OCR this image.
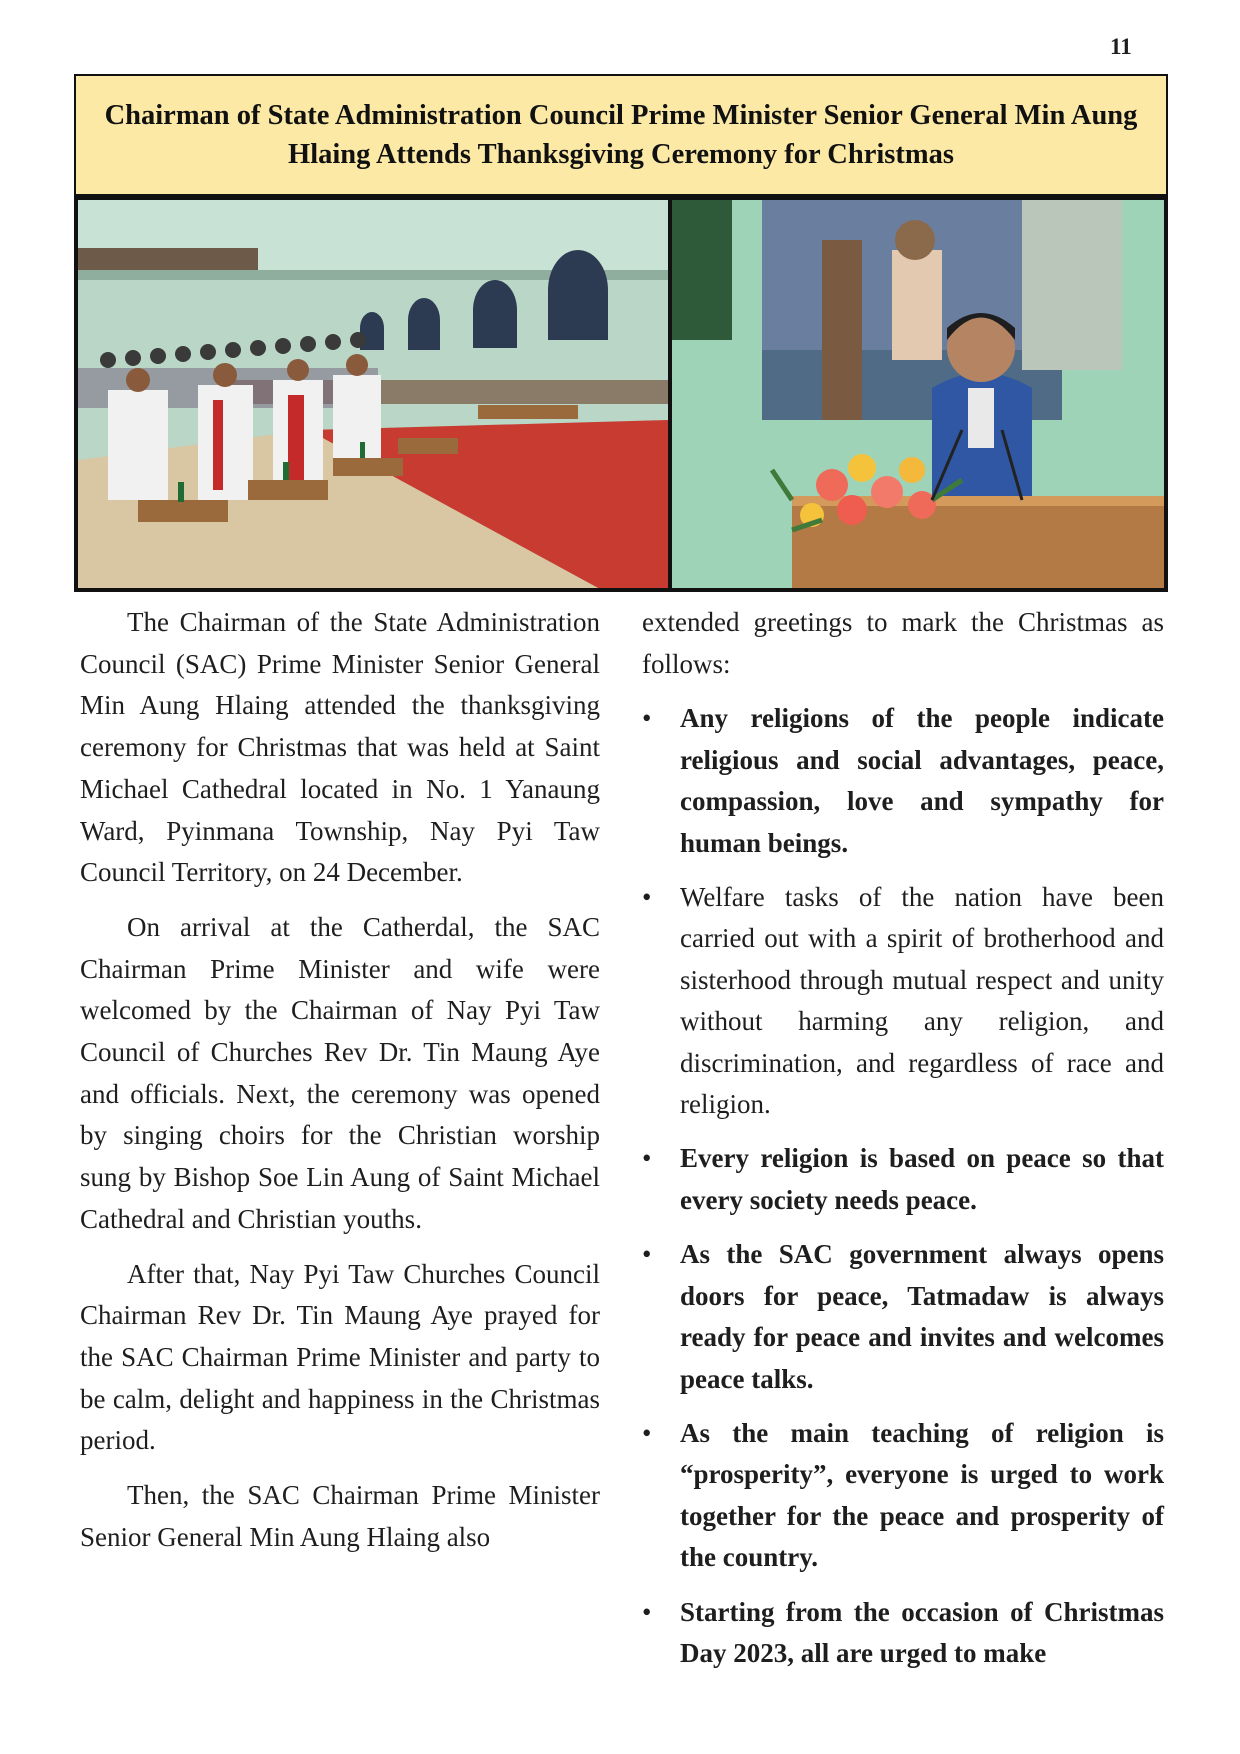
11
Chairman of State Administration Council Prime Minister Senior General Min Aung Hlaing Attends Thanksgiving Ceremony for Christmas

The Chairman of the State Administration Council (SAC) Prime Minister Senior General Min Aung Hlaing attended the thanksgiving ceremony for Christmas that was held at Saint Michael Cathedral located in No. 1 Yanaung Ward, Pyinmana Township, Nay Pyi Taw Council Territory, on 24 December.

On arrival at the Catherdal, the SAC Chairman Prime Minister and wife were welcomed by the Chairman of Nay Pyi Taw Council of Churches Rev Dr. Tin Maung Aye and officials. Next, the ceremony was opened by singing choirs for the Christian worship sung by Bishop Soe Lin Aung of Saint Michael Cathedral and Christian youths.

After that, Nay Pyi Taw Churches Council Chairman Rev Dr. Tin Maung Aye prayed for the SAC Chairman Prime Minister and party to be calm, delight and happiness in the Christmas period.

Then, the SAC Chairman Prime Minister Senior General Min Aung Hlaing also

extended greetings to mark the Christmas as follows:

•	Any religions of the people indicate religious and social advantages, peace, compassion, love and sympathy for human beings.
•	Welfare tasks of the nation have been carried out with a spirit of brotherhood and sisterhood through mutual respect and unity without harming any religion, and discrimination, and regardless of race and religion.
•	Every religion is based on peace so that every society needs peace.
•	As the SAC government always opens doors for peace, Tatmadaw is always ready for peace and invites and welcomes peace talks.
•	As the main teaching of religion is “prosperity”, everyone is urged to work together for the peace and prosperity of the country.
•	Starting from the occasion of Christmas Day 2023, all are urged to make
